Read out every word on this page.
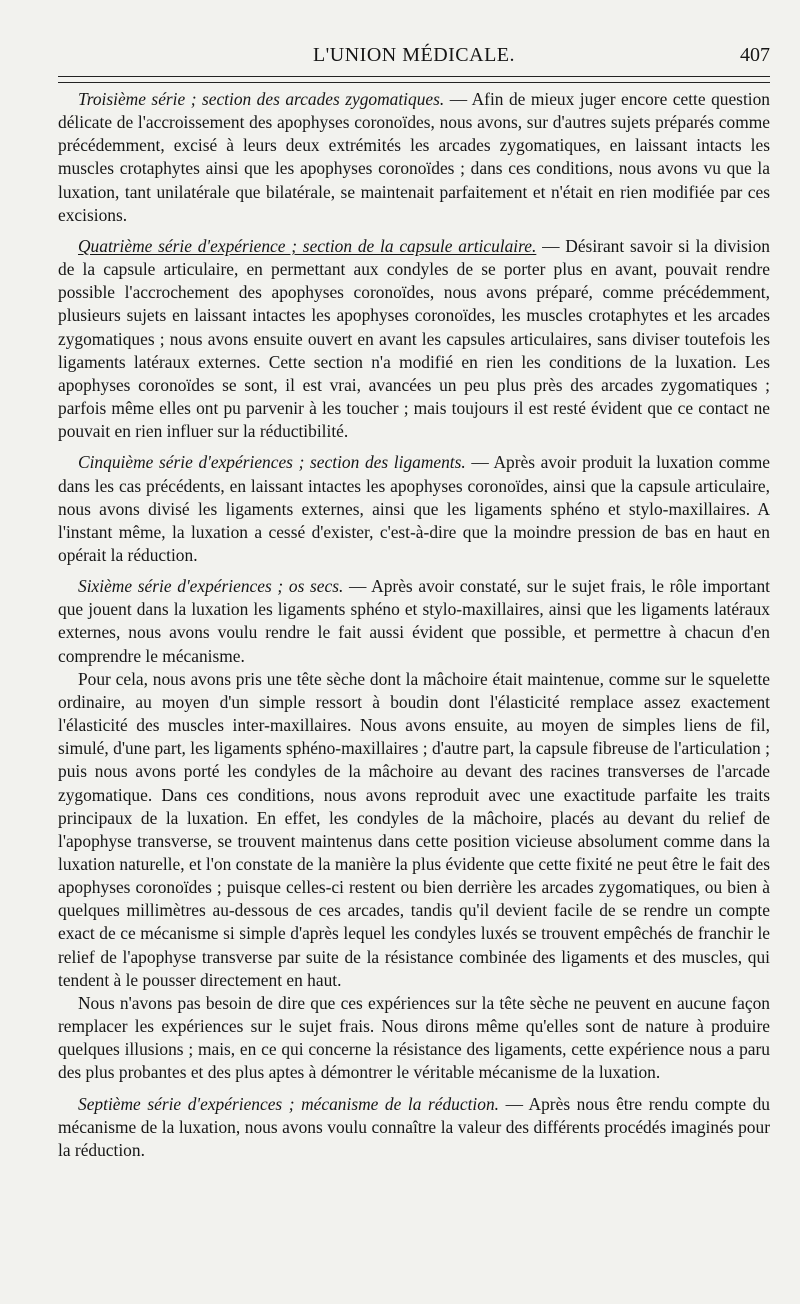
L'UNION MÉDICALE.	407

Troisième série ; section des arcades zygomatiques. — Afin de mieux juger encore cette question délicate de l'accroissement des apophyses coronoïdes, nous avons, sur d'autres sujets préparés comme précédemment, excisé à leurs deux extrémités les arcades zygomatiques, en laissant intacts les muscles crotaphytes ainsi que les apophyses coronoïdes ; dans ces conditions, nous avons vu que la luxation, tant unilatérale que bilatérale, se maintenait parfaitement et n'était en rien modifiée par ces excisions.

Quatrième série d'expérience ; section de la capsule articulaire. — Désirant savoir si la division de la capsule articulaire, en permettant aux condyles de se porter plus en avant, pouvait rendre possible l'accrochement des apophyses coronoïdes, nous avons préparé, comme précédemment, plusieurs sujets en laissant intactes les apophyses coronoïdes, les muscles crotaphytes et les arcades zygomatiques ; nous avons ensuite ouvert en avant les capsules articulaires, sans diviser toutefois les ligaments latéraux externes. Cette section n'a modifié en rien les conditions de la luxation. Les apophyses coronoïdes se sont, il est vrai, avancées un peu plus près des arcades zygomatiques ; parfois même elles ont pu parvenir à les toucher ; mais toujours il est resté évident que ce contact ne pouvait en rien influer sur la réductibilité.

Cinquième série d'expériences ; section des ligaments. — Après avoir produit la luxation comme dans les cas précédents, en laissant intactes les apophyses coronoïdes, ainsi que la capsule articulaire, nous avons divisé les ligaments externes, ainsi que les ligaments sphéno et stylo-maxillaires. A l'instant même, la luxation a cessé d'exister, c'est-à-dire que la moindre pression de bas en haut en opérait la réduction.

Sixième série d'expériences ; os secs. — Après avoir constaté, sur le sujet frais, le rôle important que jouent dans la luxation les ligaments sphéno et stylo-maxillaires, ainsi que les ligaments latéraux externes, nous avons voulu rendre le fait aussi évident que possible, et permettre à chacun d'en comprendre le mécanisme.

Pour cela, nous avons pris une tête sèche dont la mâchoire était maintenue, comme sur le squelette ordinaire, au moyen d'un simple ressort à boudin dont l'élasticité remplace assez exactement l'élasticité des muscles inter-maxillaires. Nous avons ensuite, au moyen de simples liens de fil, simulé, d'une part, les ligaments sphéno-maxillaires ; d'autre part, la capsule fibreuse de l'articulation ; puis nous avons porté les condyles de la mâchoire au devant des racines transverses de l'arcade zygomatique. Dans ces conditions, nous avons reproduit avec une exactitude parfaite les traits principaux de la luxation. En effet, les condyles de la mâchoire, placés au devant du relief de l'apophyse transverse, se trouvent maintenus dans cette position vicieuse absolument comme dans la luxation naturelle, et l'on constate de la manière la plus évidente que cette fixité ne peut être le fait des apophyses coronoïdes ; puisque celles-ci restent ou bien derrière les arcades zygomatiques, ou bien à quelques millimètres au-dessous de ces arcades, tandis qu'il devient facile de se rendre un compte exact de ce mécanisme si simple d'après lequel les condyles luxés se trouvent empêchés de franchir le relief de l'apophyse transverse par suite de la résistance combinée des ligaments et des muscles, qui tendent à le pousser directement en haut.

Nous n'avons pas besoin de dire que ces expériences sur la tête sèche ne peuvent en aucune façon remplacer les expériences sur le sujet frais. Nous dirons même qu'elles sont de nature à produire quelques illusions ; mais, en ce qui concerne la résistance des ligaments, cette expérience nous a paru des plus probantes et des plus aptes à démontrer le véritable mécanisme de la luxation.

Septième série d'expériences ; mécanisme de la réduction. — Après nous être rendu compte du mécanisme de la luxation, nous avons voulu connaître la valeur des différents procédés imaginés pour la réduction.
